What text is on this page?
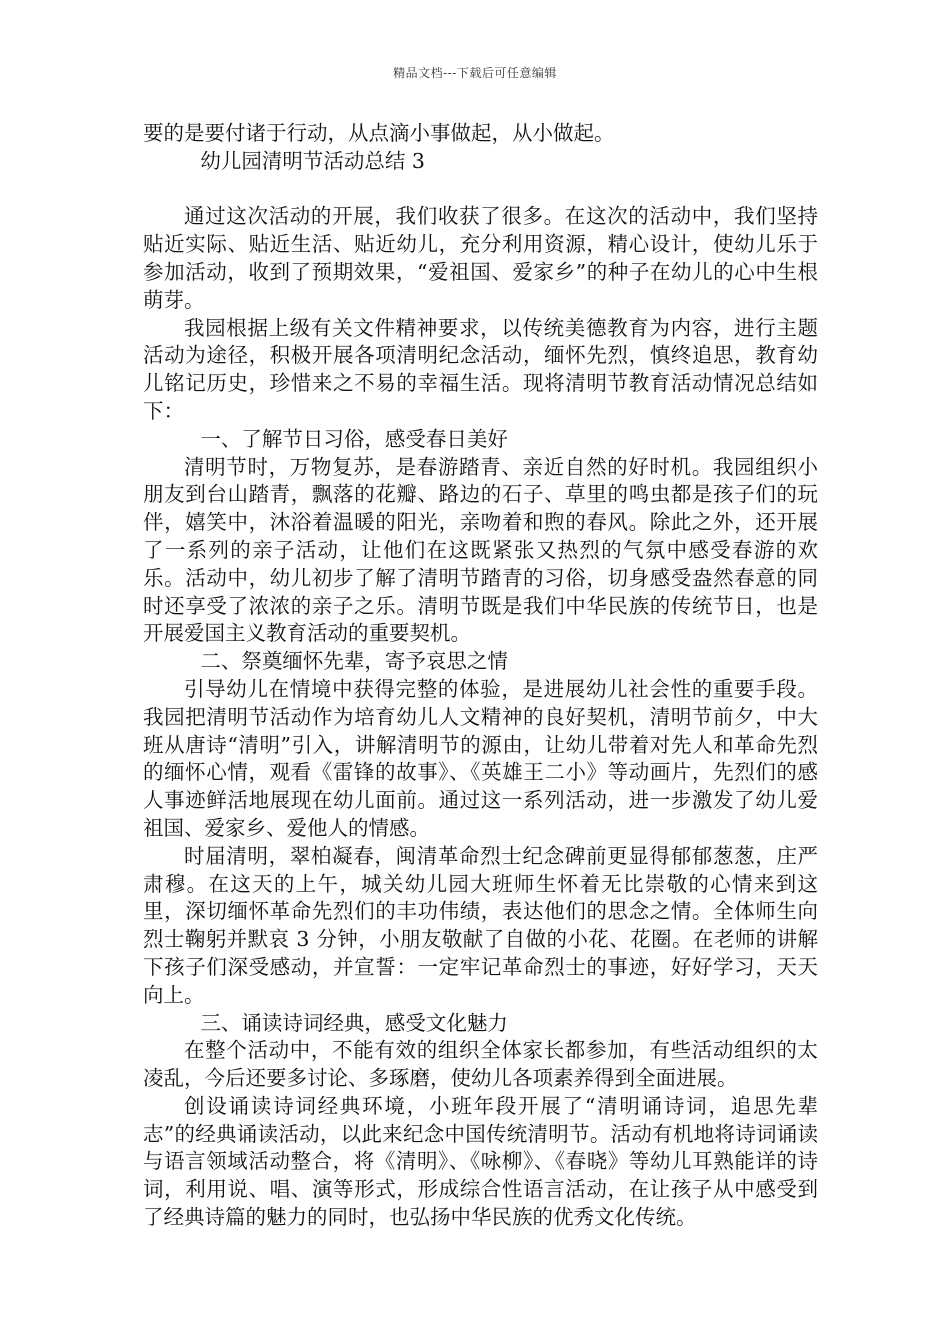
精品文档---下载后可任意编辑

要的是要付诸于行动，从点滴小事做起，从小做起。

幼儿园清明节活动总结 3

通过这次活动的开展，我们收获了很多。在这次的活动中，我们坚持贴近实际、贴近生活、贴近幼儿，充分利用资源，精心设计，使幼儿乐于参加活动，收到了预期效果，“爱祖国、爱家乡”的种子在幼儿的心中生根萌芽。

我园根据上级有关文件精神要求，以传统美德教育为内容，进行主题活动为途径，积极开展各项清明纪念活动，缅怀先烈，慎终追思，教育幼儿铭记历史，珍惜来之不易的幸福生活。现将清明节教育活动情况总结如下：

一、了解节日习俗，感受春日美好

清明节时，万物复苏，是春游踏青、亲近自然的好时机。我园组织小朋友到台山踏青，飘落的花瓣、路边的石子、草里的鸣虫都是孩子们的玩伴，嬉笑中，沐浴着温暖的阳光，亲吻着和煦的春风。除此之外，还开展了一系列的亲子活动，让他们在这既紧张又热烈的气氛中感受春游的欢乐。活动中，幼儿初步了解了清明节踏青的习俗，切身感受盎然春意的同时还享受了浓浓的亲子之乐。清明节既是我们中华民族的传统节日，也是开展爱国主义教育活动的重要契机。

二、祭奠缅怀先辈，寄予哀思之情

引导幼儿在情境中获得完整的体验，是进展幼儿社会性的重要手段。我园把清明节活动作为培育幼儿人文精神的良好契机，清明节前夕，中大班从唐诗“清明”引入，讲解清明节的源由，让幼儿带着对先人和革命先烈的缅怀心情，观看《雷锋的故事》、《英雄王二小》等动画片，先烈们的感人事迹鲜活地展现在幼儿面前。通过这一系列活动，进一步激发了幼儿爱祖国、爱家乡、爱他人的情感。

时届清明，翠柏凝春，闽清革命烈士纪念碑前更显得郁郁葱葱，庄严肃穆。在这天的上午，城关幼儿园大班师生怀着无比崇敬的心情来到这里，深切缅怀革命先烈们的丰功伟绩，表达他们的思念之情。全体师生向烈士鞠躬并默哀 3 分钟，小朋友敬献了自做的小花、花圈。在老师的讲解下孩子们深受感动，并宣誓：一定牢记革命烈士的事迹，好好学习，天天向上。

三、诵读诗词经典，感受文化魅力

在整个活动中，不能有效的组织全体家长都参加，有些活动组织的太凌乱，今后还要多讨论、多琢磨，使幼儿各项素养得到全面进展。

创设诵读诗词经典环境，小班年段开展了“清明诵诗词，追思先辈志”的经典诵读活动，以此来纪念中国传统清明节。活动有机地将诗词诵读与语言领域活动整合，将《清明》、《咏柳》、《春晓》等幼儿耳熟能详的诗词，利用说、唱、演等形式，形成综合性语言活动，在让孩子从中感受到了经典诗篇的魅力的同时，也弘扬中华民族的优秀文化传统。
